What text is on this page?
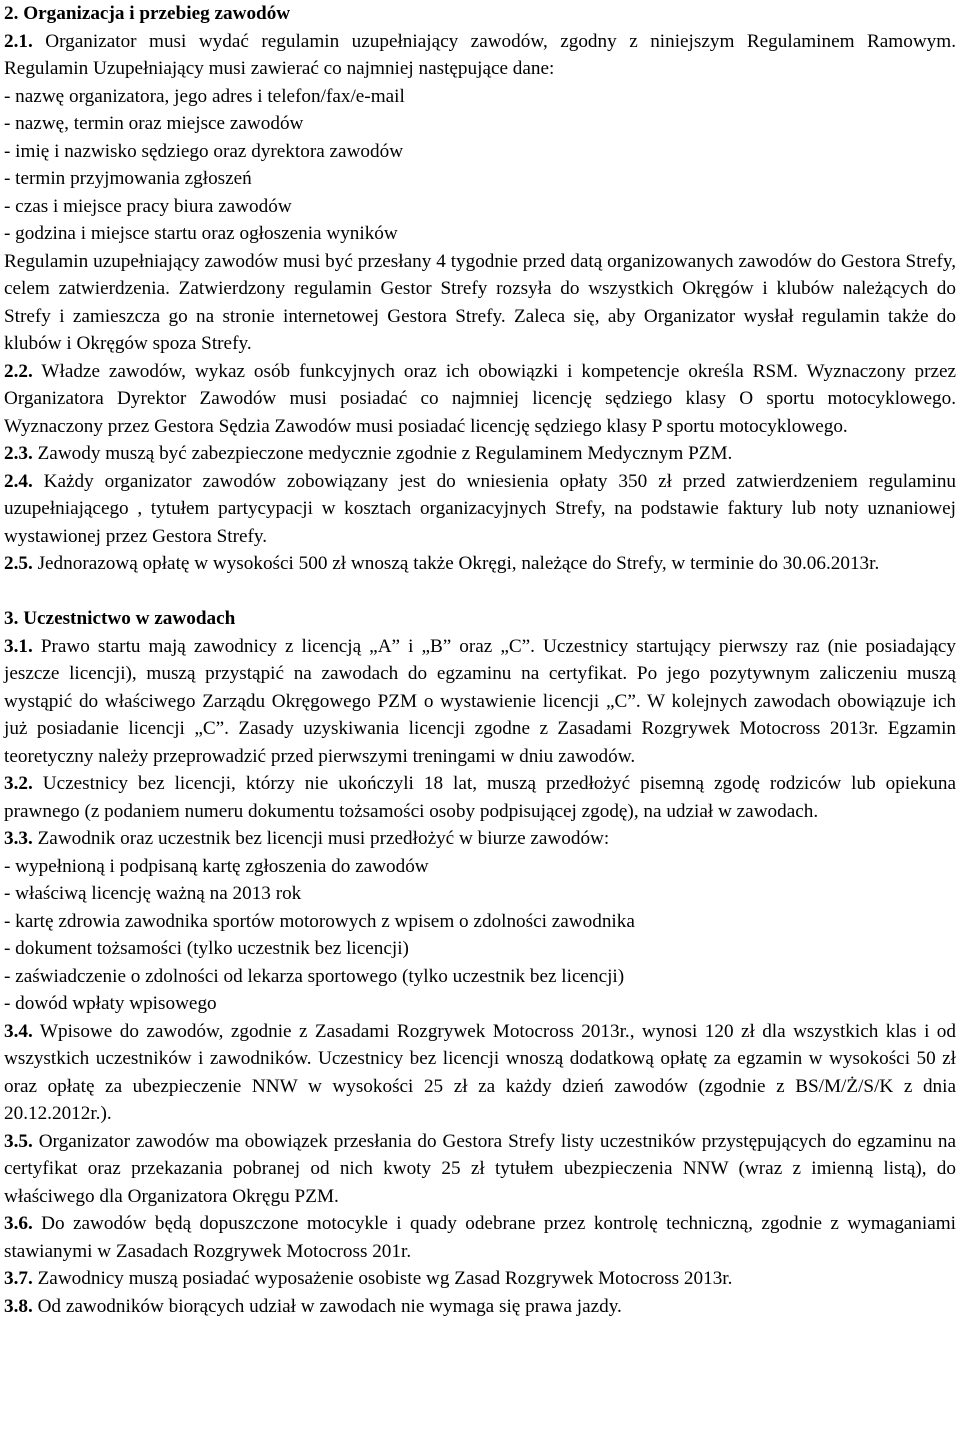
2. Organizacja i przebieg zawodów

2.1. Organizator musi wydać regulamin uzupełniający zawodów, zgodny z niniejszym Regulaminem Ramowym. Regulamin Uzupełniający musi zawierać co najmniej następujące dane:

- nazwę organizatora, jego adres i telefon/fax/e-mail
- nazwę, termin oraz miejsce zawodów
- imię i nazwisko sędziego oraz dyrektora zawodów
- termin przyjmowania zgłoszeń
- czas i miejsce pracy biura zawodów
- godzina i miejsce startu oraz ogłoszenia wyników

Regulamin uzupełniający zawodów musi być przesłany 4 tygodnie przed datą organizowanych zawodów do Gestora Strefy, celem zatwierdzenia. Zatwierdzony regulamin Gestor Strefy rozsyła do wszystkich Okręgów i klubów należących do Strefy i zamieszcza go na stronie internetowej Gestora Strefy. Zaleca się, aby Organizator wysłał regulamin także do klubów i Okręgów spoza Strefy.

2.2. Władze zawodów, wykaz osób funkcyjnych oraz ich obowiązki i kompetencje określa RSM. Wyznaczony przez Organizatora Dyrektor Zawodów musi posiadać co najmniej licencję sędziego klasy O sportu motocyklowego. Wyznaczony przez Gestora Sędzia Zawodów musi posiadać licencję sędziego klasy P sportu motocyklowego.

2.3. Zawody muszą być zabezpieczone medycznie zgodnie z Regulaminem Medycznym PZM.

2.4. Każdy organizator zawodów zobowiązany jest do wniesienia opłaty 350 zł przed zatwierdzeniem regulaminu uzupełniającego , tytułem partycypacji w kosztach organizacyjnych Strefy, na podstawie faktury lub noty uznaniowej wystawionej przez Gestora Strefy.

2.5. Jednorazową opłatę w wysokości 500 zł wnoszą także Okręgi, należące do Strefy, w terminie do 30.06.2013r.

3. Uczestnictwo w zawodach

3.1. Prawo startu mają zawodnicy z licencją „A” i „B” oraz „C”. Uczestnicy startujący pierwszy raz (nie posiadający jeszcze licencji), muszą przystąpić na zawodach do egzaminu na certyfikat. Po jego pozytywnym zaliczeniu muszą wystąpić do właściwego Zarządu Okręgowego PZM o wystawienie licencji „C”. W kolejnych zawodach obowiązuje ich już posiadanie licencji „C”. Zasady uzyskiwania licencji zgodne z Zasadami Rozgrywek Motocross 2013r. Egzamin teoretyczny należy przeprowadzić przed pierwszymi treningami w dniu zawodów.

3.2. Uczestnicy bez licencji, którzy nie ukończyli 18 lat, muszą przedłożyć pisemną zgodę rodziców lub opiekuna prawnego (z podaniem numeru dokumentu tożsamości osoby podpisującej zgodę), na udział w zawodach.

3.3. Zawodnik oraz uczestnik bez licencji musi przedłożyć w biurze zawodów:

- wypełnioną i podpisaną kartę zgłoszenia do zawodów
- właściwą licencję ważną na 2013 rok
- kartę zdrowia zawodnika sportów motorowych z wpisem o zdolności zawodnika
- dokument tożsamości (tylko uczestnik bez licencji)
- zaświadczenie o zdolności od lekarza sportowego (tylko uczestnik bez licencji)
- dowód wpłaty wpisowego

3.4. Wpisowe do zawodów, zgodnie z Zasadami Rozgrywek Motocross 2013r., wynosi 120 zł dla wszystkich klas i od wszystkich uczestników i zawodników. Uczestnicy bez licencji wnoszą dodatkową opłatę za egzamin w wysokości 50 zł oraz opłatę za ubezpieczenie NNW w wysokości 25 zł za każdy dzień zawodów (zgodnie z BS/M/Ż/S/K z dnia 20.12.2012r.).

3.5. Organizator zawodów ma obowiązek przesłania do Gestora Strefy listy uczestników przystępujących do egzaminu na certyfikat oraz przekazania pobranej od nich kwoty 25 zł tytułem ubezpieczenia NNW (wraz z imienną listą), do właściwego dla Organizatora Okręgu PZM.

3.6. Do zawodów będą dopuszczone motocykle i quady odebrane przez kontrolę techniczną, zgodnie z wymaganiami stawianymi w Zasadach Rozgrywek Motocross 201r.

3.7. Zawodnicy muszą posiadać wyposażenie osobiste wg Zasad Rozgrywek Motocross 2013r.

3.8. Od zawodników biorących udział w zawodach nie wymaga się prawa jazdy.
